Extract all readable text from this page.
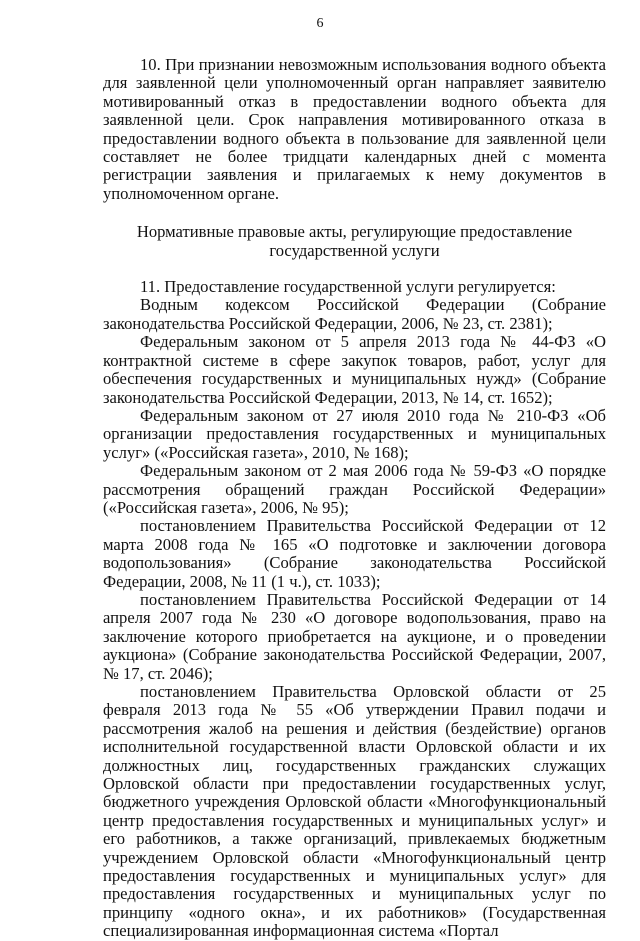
6

10. При признании невозможным использования водного объекта для заявленной цели уполномоченный орган направляет заявителю мотивированный отказ в предоставлении водного объекта для заявленной цели. Срок направления мотивированного отказа в предоставлении водного объекта в пользование для заявленной цели составляет не более тридцати календарных дней с момента регистрации заявления и прилагаемых к нему документов в уполномоченном органе.

Нормативные правовые акты, регулирующие предоставление государственной услуги

11. Предоставление государственной услуги регулируется:

Водным кодексом Российской Федерации (Собрание законодательства Российской Федерации, 2006, № 23, ст. 2381);

Федеральным законом от 5 апреля 2013 года № 44-ФЗ «О контрактной системе в сфере закупок товаров, работ, услуг для обеспечения государственных и муниципальных нужд» (Собрание законодательства Российской Федерации, 2013, № 14, ст. 1652);

Федеральным законом от 27 июля 2010 года № 210-ФЗ «Об организации предоставления государственных и муниципальных услуг» («Российская газета», 2010, № 168);

Федеральным законом от 2 мая 2006 года № 59-ФЗ «О порядке рассмотрения обращений граждан Российской Федерации» («Российская газета», 2006, № 95);

постановлением Правительства Российской Федерации от 12 марта 2008 года № 165 «О подготовке и заключении договора водопользования» (Собрание законодательства Российской Федерации, 2008, № 11 (1 ч.), ст. 1033);

постановлением Правительства Российской Федерации от 14 апреля 2007 года № 230 «О договоре водопользования, право на заключение которого приобретается на аукционе, и о проведении аукциона» (Собрание законодательства Российской Федерации, 2007, № 17, ст. 2046);

постановлением Правительства Орловской области от 25 февраля 2013 года № 55 «Об утверждении Правил подачи и рассмотрения жалоб на решения и действия (бездействие) органов исполнительной государственной власти Орловской области и их должностных лиц, государственных гражданских служащих Орловской области при предоставлении государственных услуг, бюджетного учреждения Орловской области «Многофункциональный центр предоставления государственных и муниципальных услуг» и его работников, а также организаций, привлекаемых бюджетным учреждением Орловской области «Многофункциональный центр предоставления государственных и муниципальных услуг» для предоставления государственных и муниципальных услуг по принципу «одного окна», и их работников» (Государственная специализированная информационная система «Портал
